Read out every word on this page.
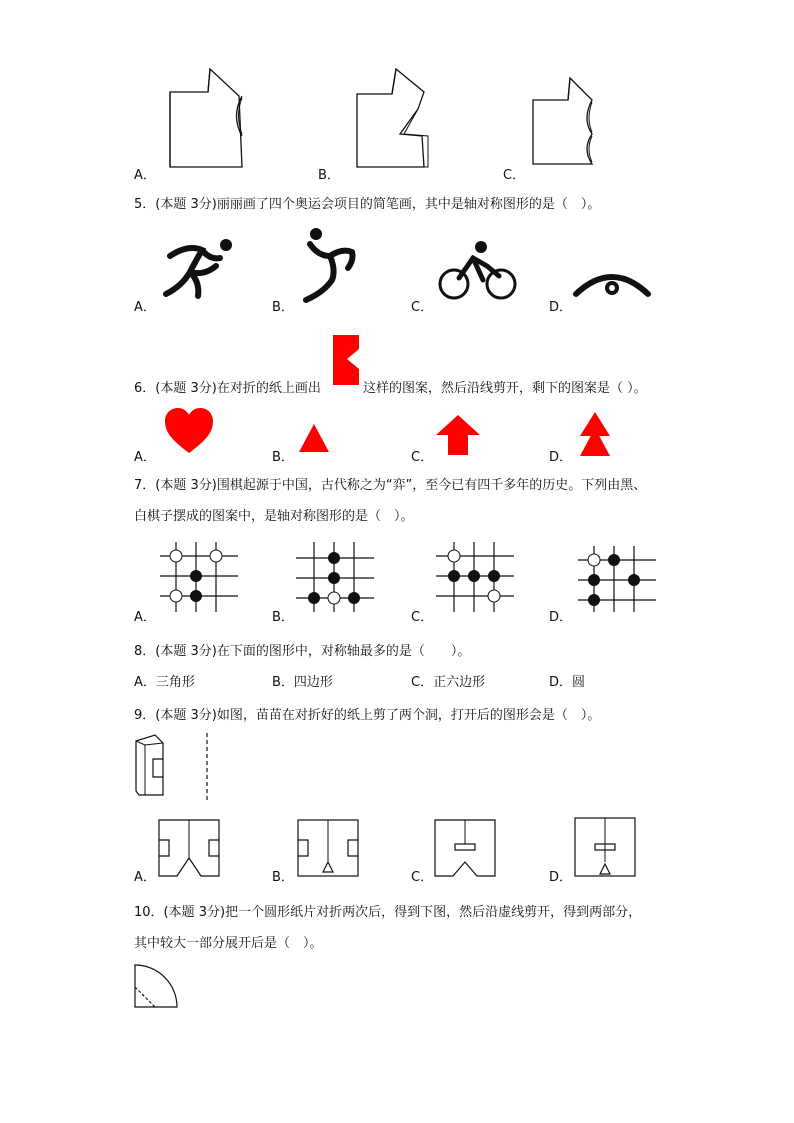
A．	B．	C．
5．(本题 3分)丽丽画了四个奥运会项目的简笔画，其中是轴对称图形的是（　）。
A．	B．	C．	D．
6．(本题 3分)在对折的纸上画出	这样的图案，然后沿线剪开，剩下的图案是（ ）。
A．	B．	C．	D．
7．(本题 3分)围棋起源于中国，古代称之为“弈”，至今已有四千多年的历史。下列由黑、
白棋子摆成的图案中，是轴对称图形的是（　）。
A．	B．	C．	D．
8．(本题 3分)在下面的图形中，对称轴最多的是（　　）。
A．三角形	B．四边形	C．正六边形	D．圆
9．(本题 3分)如图，苗苗在对折好的纸上剪了两个洞，打开后的图形会是（　）。
A．	B．	C．	D．
10．(本题 3分)把一个圆形纸片对折两次后，得到下图，然后沿虚线剪开，得到两部分，
其中较大一部分展开后是（　）。
